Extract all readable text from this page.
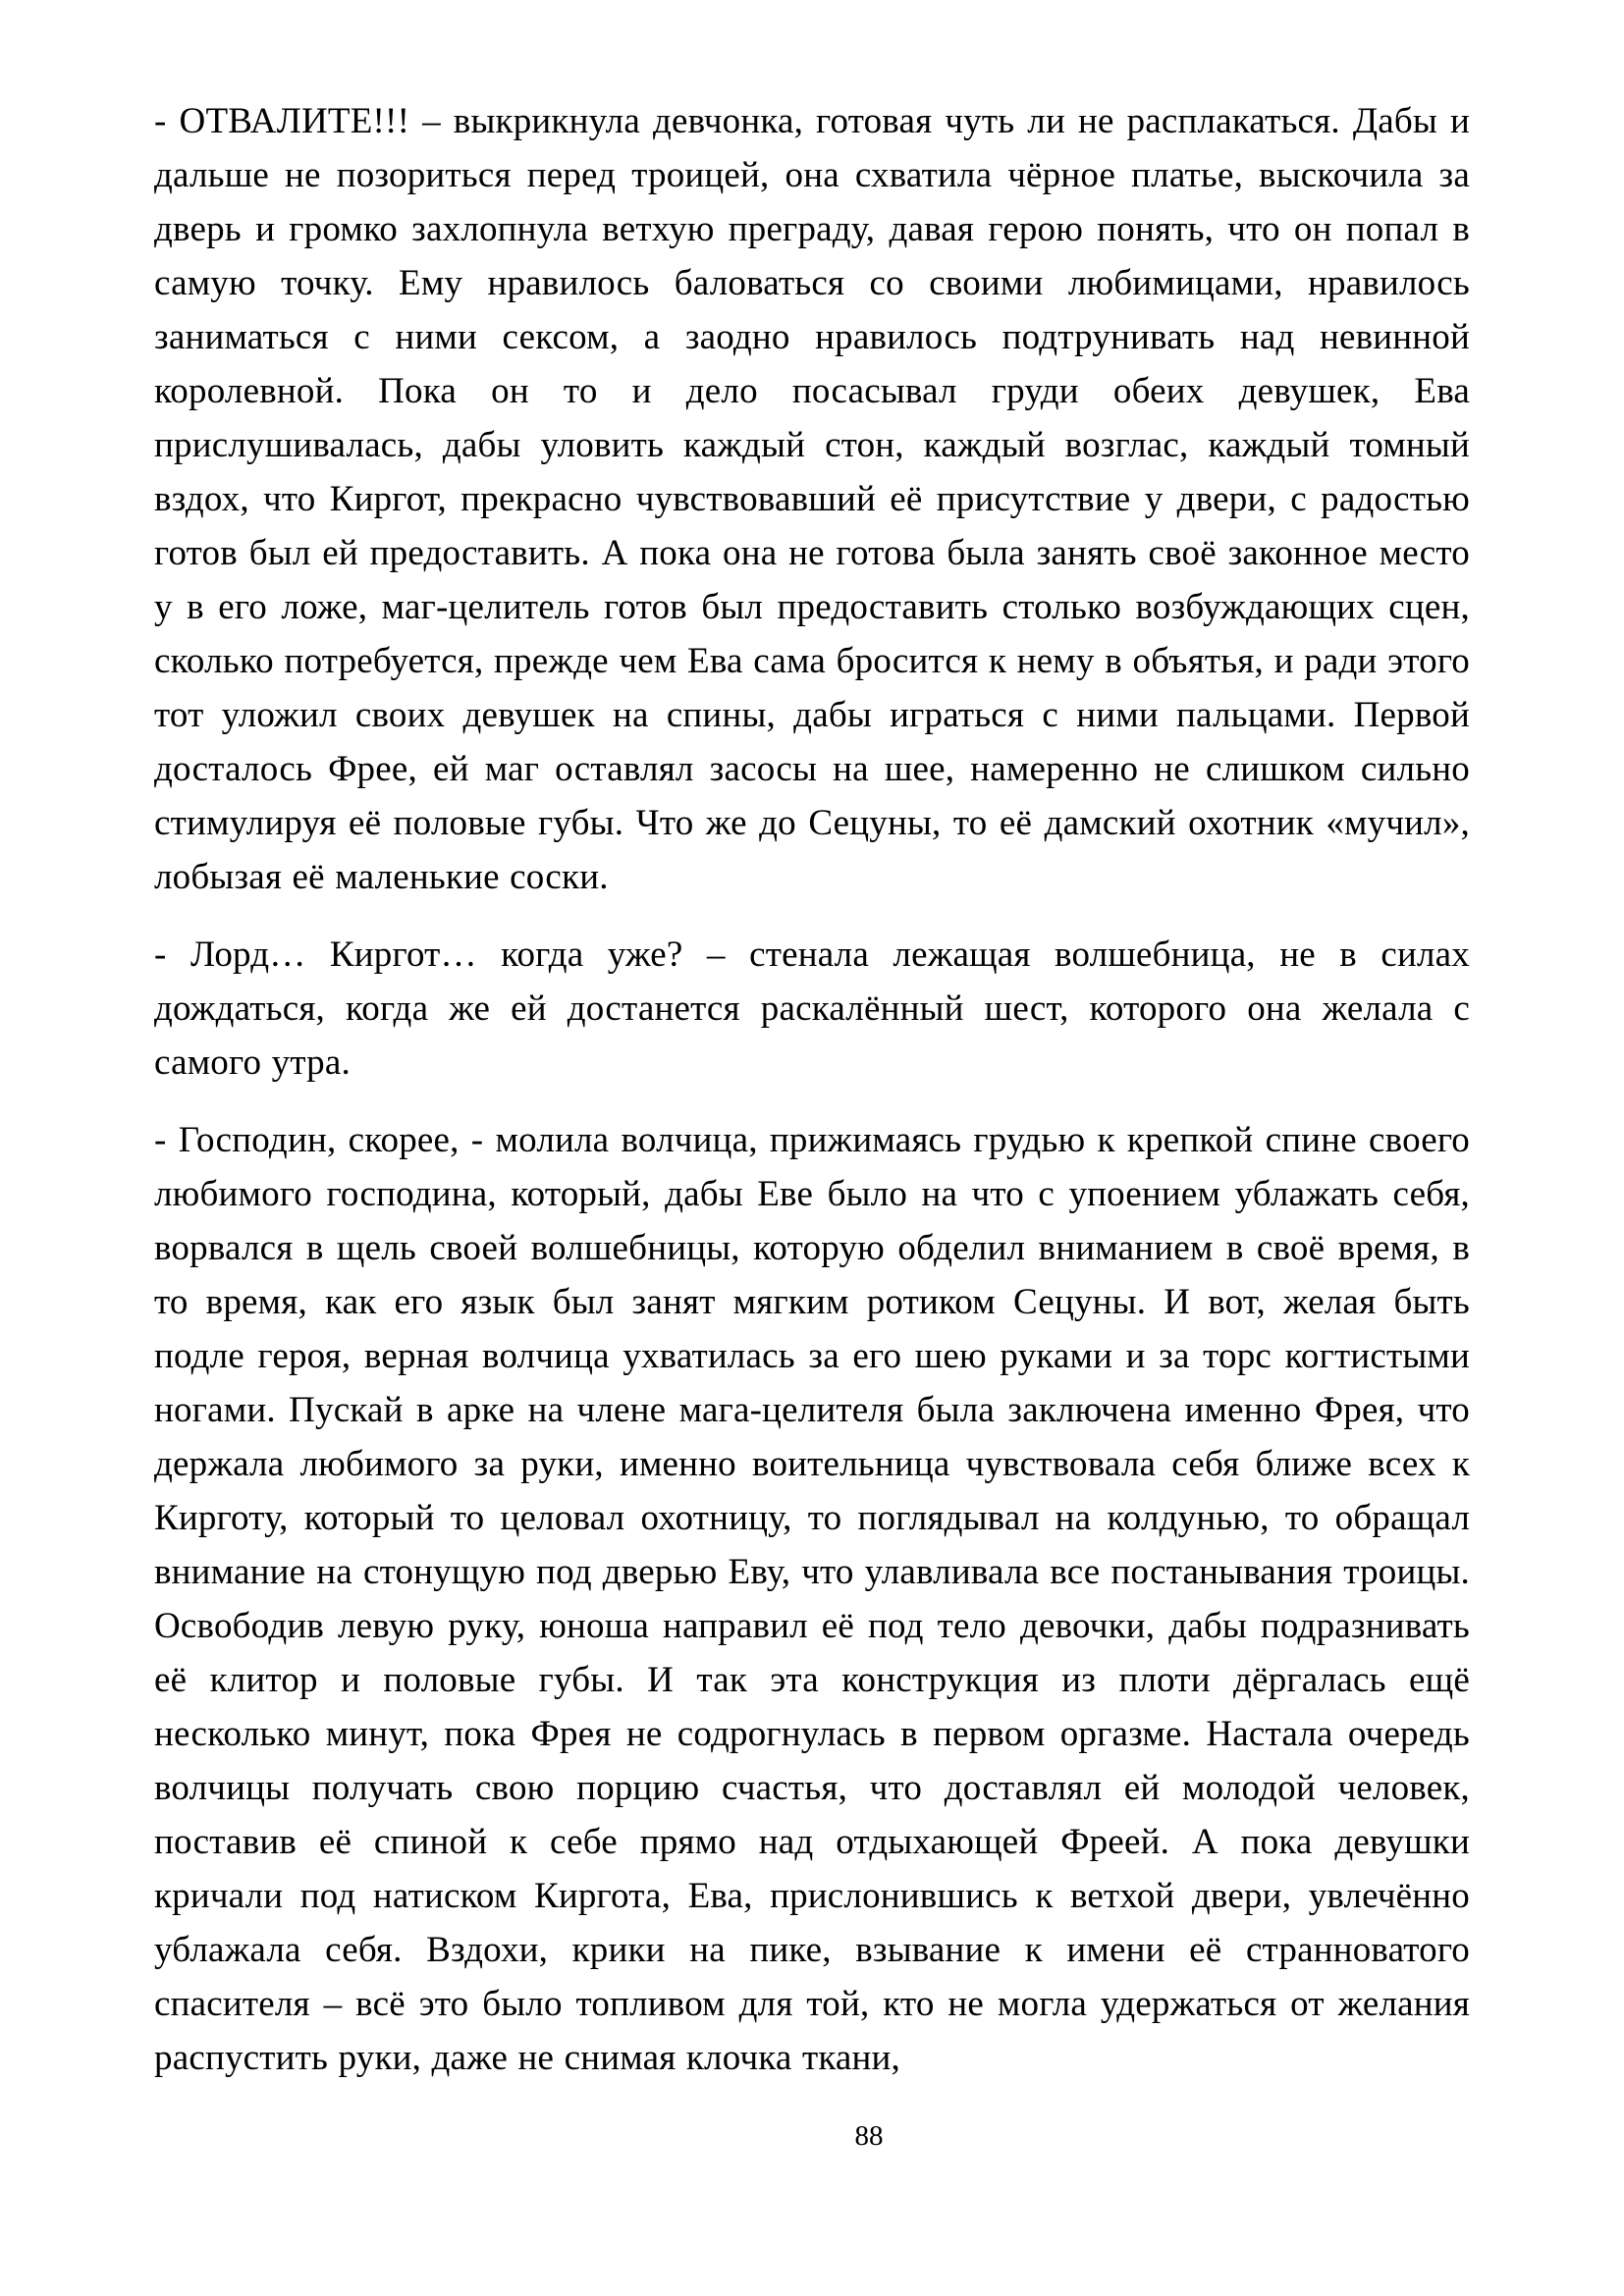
- ОТВАЛИТЕ!!! – выкрикнула девчонка, готовая чуть ли не расплакаться. Дабы и дальше не позориться перед троицей, она схватила чёрное платье, выскочила за дверь и громко захлопнула ветхую преграду, давая герою понять, что он попал в самую точку. Ему нравилось баловаться со своими любимицами, нравилось заниматься с ними сексом, а заодно нравилось подтрунивать над невинной королевной. Пока он то и дело посасывал груди обеих девушек, Ева прислушивалась, дабы уловить каждый стон, каждый возглас, каждый томный вздох, что Киргот, прекрасно чувствовавший её присутствие у двери, с радостью готов был ей предоставить. А пока она не готова была занять своё законное место у в его ложе, маг-целитель готов был предоставить столько возбуждающих сцен, сколько потребуется, прежде чем Ева сама бросится к нему в объятья, и ради этого тот уложил своих девушек на спины, дабы играться с ними пальцами. Первой досталось Фрее, ей маг оставлял засосы на шее, намеренно не слишком сильно стимулируя её половые губы. Что же до Сецуны, то её дамский охотник «мучил», лобызая её маленькие соски.

- Лорд… Киргот… когда уже? – стенала лежащая волшебница, не в силах дождаться, когда же ей достанется раскалённый шест, которого она желала с самого утра.

- Господин, скорее, - молила волчица, прижимаясь грудью к крепкой спине своего любимого господина, который, дабы Еве было на что с упоением ублажать себя, ворвался в щель своей волшебницы, которую обделил вниманием в своё время, в то время, как его язык был занят мягким ротиком Сецуны. И вот, желая быть подле героя, верная волчица ухватилась за его шею руками и за торс когтистыми ногами. Пускай в арке на члене мага-целителя была заключена именно Фрея, что держала любимого за руки, именно воительница чувствовала себя ближе всех к Кирготу, который то целовал охотницу, то поглядывал на колдунью, то обращал внимание на стонущую под дверью Еву, что улавливала все постанывания троицы. Освободив левую руку, юноша направил её под тело девочки, дабы подразнивать её клитор и половые губы. И так эта конструкция из плоти дёргалась ещё несколько минут, пока Фрея не содрогнулась в первом оргазме. Настала очередь волчицы получать свою порцию счастья, что доставлял ей молодой человек, поставив её спиной к себе прямо над отдыхающей Фреей. А пока девушки кричали под натиском Киргота, Ева, прислонившись к ветхой двери, увлечённо ублажала себя. Вздохи, крики на пике, взывание к имени её странноватого спасителя – всё это было топливом для той, кто не могла удержаться от желания распустить руки, даже не снимая клочка ткани,

88
